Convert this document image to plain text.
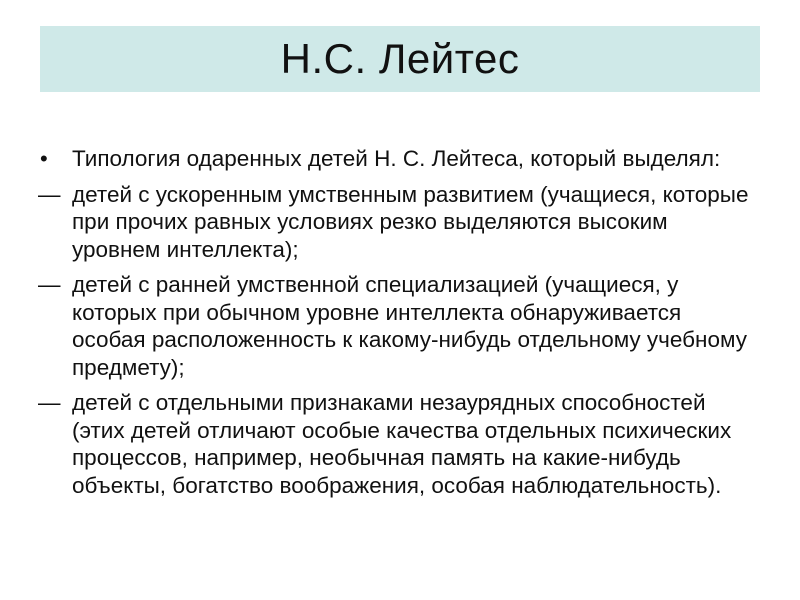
Н.С. Лейтес

•	Типология одаренных детей Н. С. Лейтеса, который выделял:

— детей с ускоренным умственным развитием (учащиеся, которые при прочих равных условиях резко выделяются высоким уровнем интеллекта);

— детей с ранней умственной специализацией (учащиеся, у которых при обычном уровне интеллекта обнаруживается особая расположенность к какому-нибудь отдельному учебному предмету);

— детей с отдельными признаками незаурядных способностей (этих детей отличают особые качества отдельных психических процессов, например, необычная память на какие-нибудь объекты, богатство воображения, особая наблюдательность).
